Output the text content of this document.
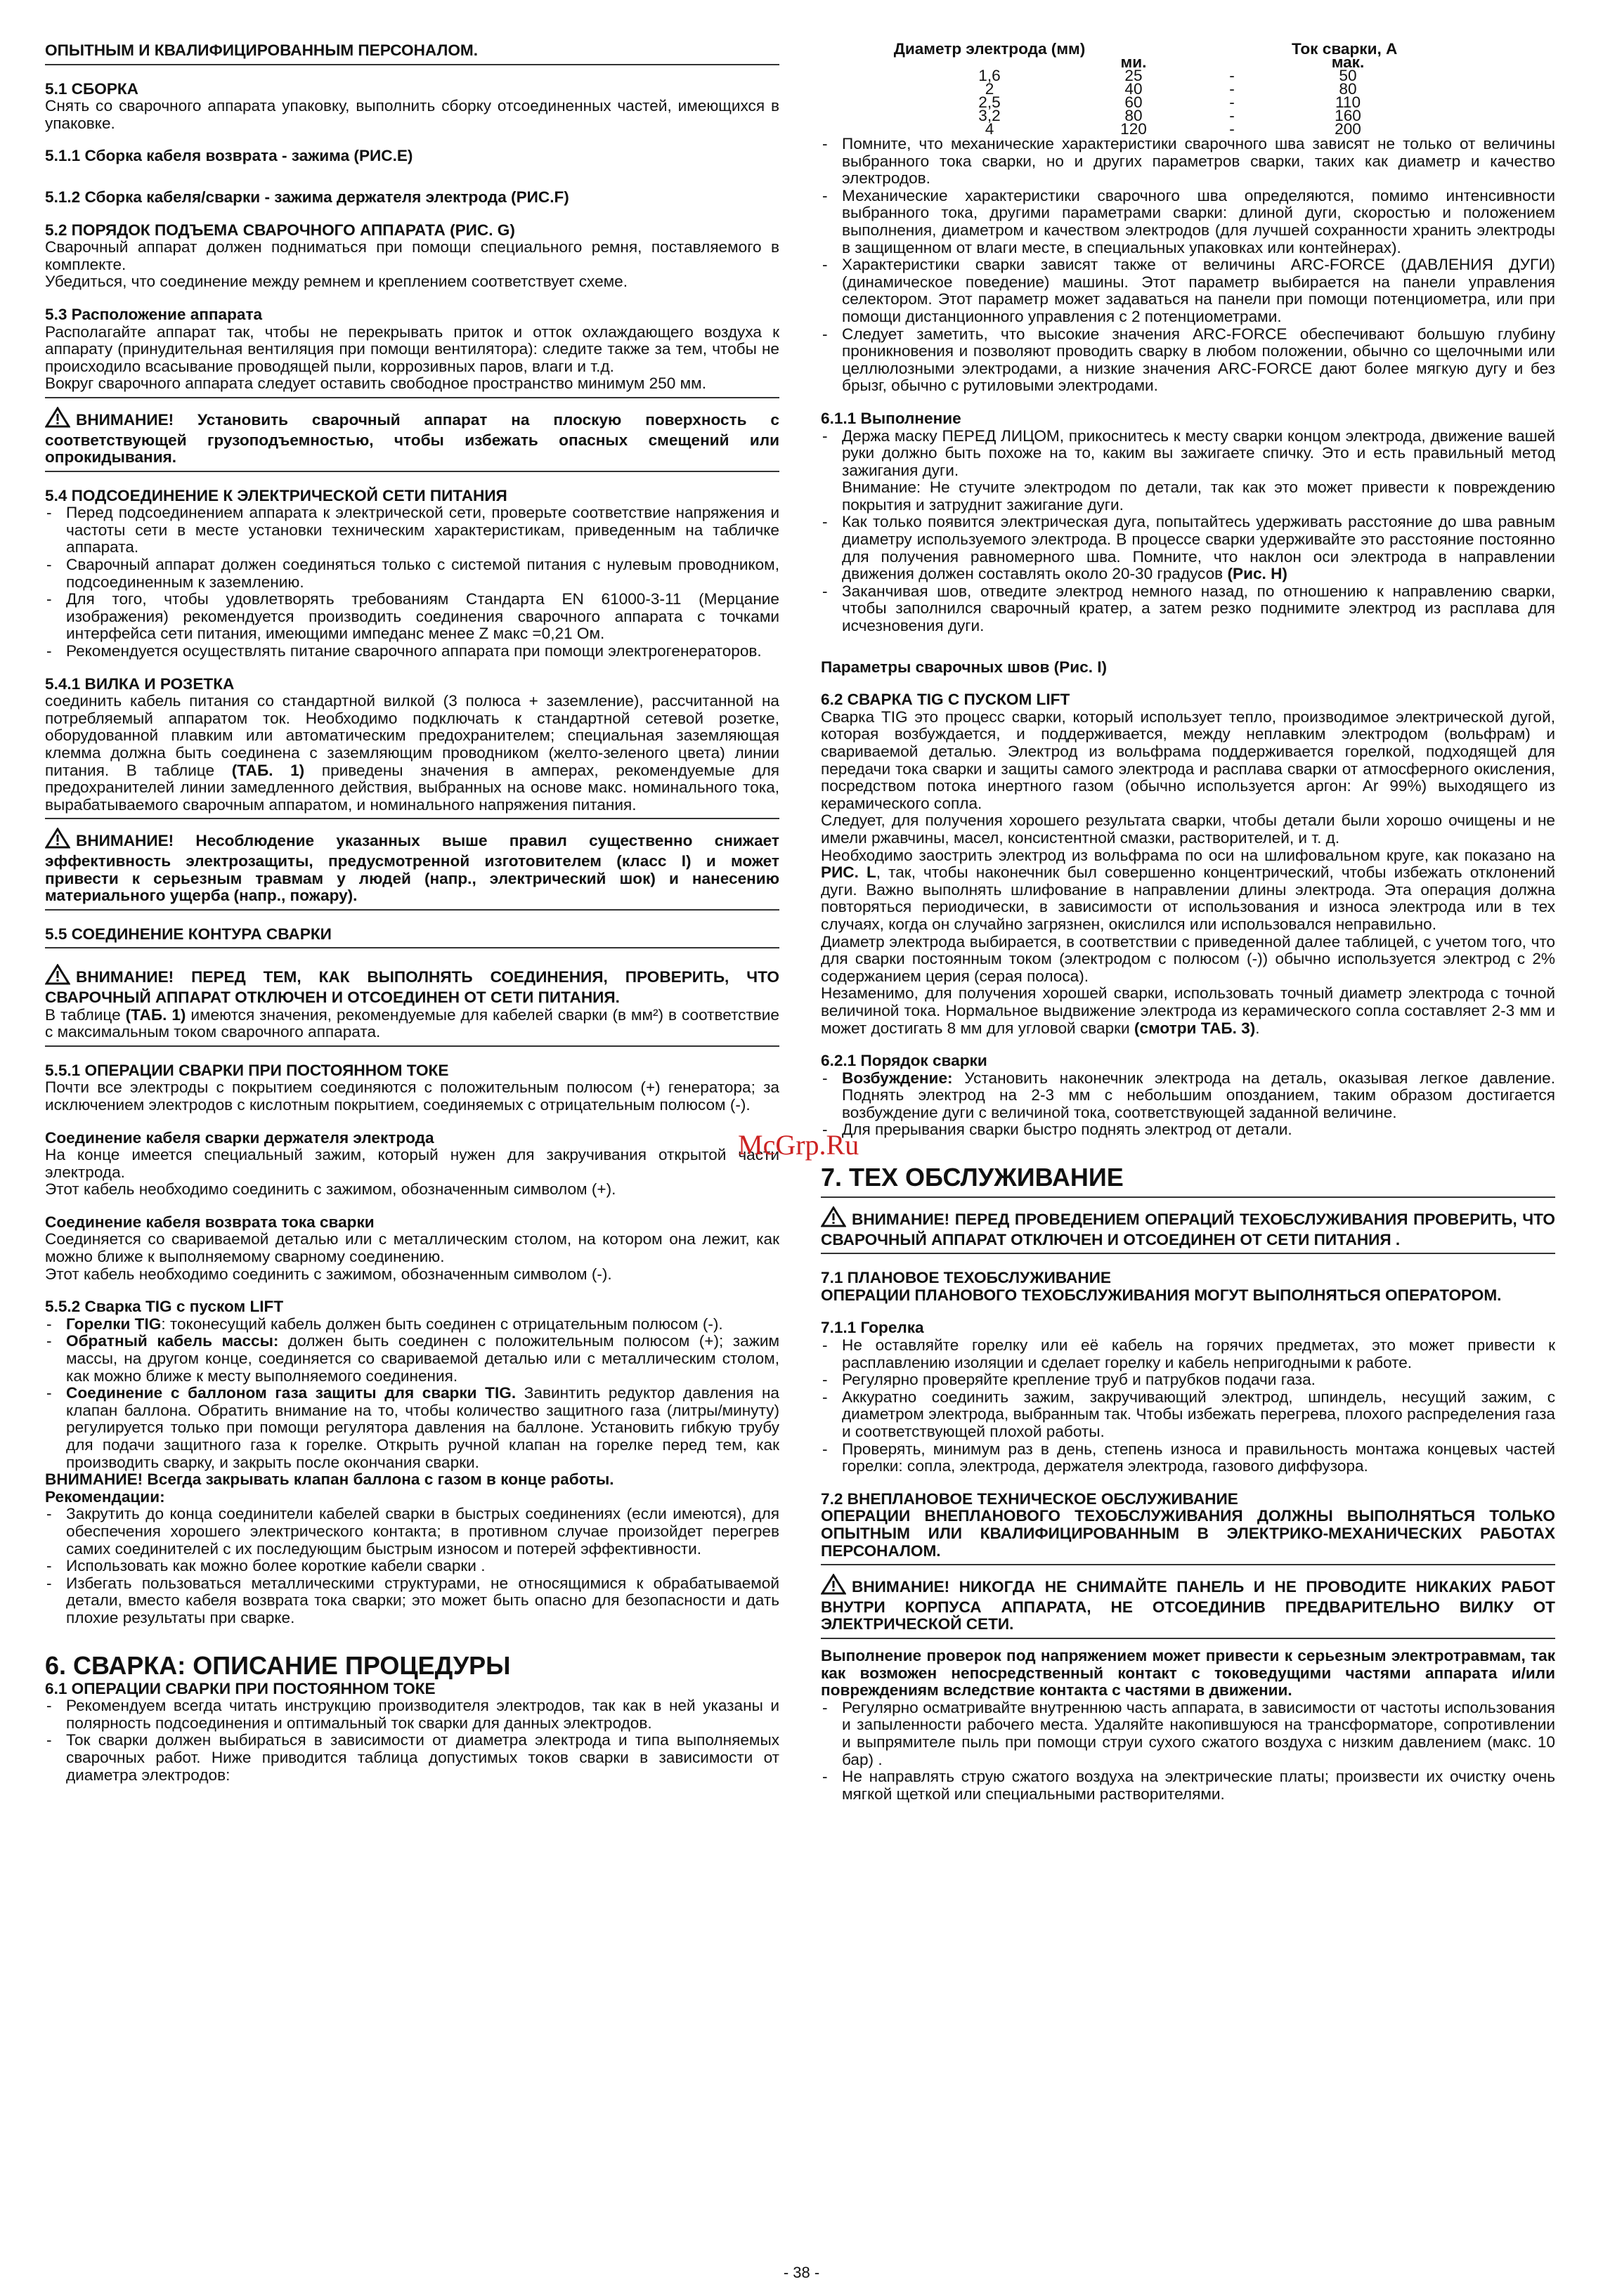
ОПЫТНЫМ И КВАЛИФИЦИРОВАННЫМ ПЕРСОНАЛОМ.

5.1 СБОРКА

Снять со сварочного аппарата упаковку, выполнить сборку отсоединенных частей, имеющихся в упаковке.

5.1.1 Сборка кабеля возврата - зажима (РИС.E)

5.1.2 Сборка кабеля/сварки - зажима держателя электрода (РИС.F)

5.2 ПОРЯДОК ПОДЪЕМА СВАРОЧНОГО АППАРАТА (РИС. G)

Сварочный аппарат должен подниматься при помощи специального ремня, поставляемого в комплекте.

Убедиться, что соединение между ремнем и креплением соответствует схеме.

5.3 Расположение аппарата

Располагайте аппарат так, чтобы не перекрывать приток и отток охлаждающего воздуха к аппарату (принудительная вентиляция при помощи вентилятора): следите также за тем, чтобы не происходило всасывание проводящей пыли, коррозивных паров, влаги и т.д.

Вокруг сварочного аппарата следует оставить свободное пространство минимум 250 мм.

ВНИМАНИЕ! Установить сварочный аппарат на плоскую поверхность с соответствующей грузоподъемностью, чтобы избежать опасных смещений или опрокидывания.

5.4 ПОДСОЕДИНЕНИЕ К ЭЛЕКТРИЧЕСКОЙ СЕТИ ПИТАНИЯ

- Перед подсоединением аппарата к электрической сети, проверьте соответствие напряжения и частоты сети в месте установки техническим характеристикам, приведенным на табличке аппарата.
- Сварочный аппарат должен соединяться только с системой питания с нулевым проводником, подсоединенным к заземлению.
- Для того, чтобы удовлетворять требованиям Стандарта EN 61000-3-11 (Мерцание изображения) рекомендуется производить соединения сварочного аппарата с точками интерфейса сети питания, имеющими импеданс менее Z макс =0,21 Ом.
- Рекомендуется осуществлять питание сварочного аппарата при помощи электрогенераторов.

5.4.1 ВИЛКА И РОЗЕТКА

соединить кабель питания со стандартной вилкой (3 полюса + заземление), рассчитанной на потребляемый аппаратом ток. Необходимо подключать к стандартной сетевой розетке, оборудованной плавким или автоматическим предохранителем; специальная заземляющая клемма должна быть соединена с заземляющим проводником (желто-зеленого цвета) линии питания. В таблице (ТАБ. 1) приведены значения в амперах, рекомендуемые для предохранителей линии замедленного действия, выбранных на основе макс. номинального тока, вырабатываемого сварочным аппаратом, и номинального напряжения питания.

ВНИМАНИЕ! Несоблюдение указанных выше правил существенно снижает эффективность электрозащиты, предусмотренной изготовителем (класс I) и может привести к серьезным травмам у людей (напр., электрический шок) и нанесению материального ущерба (напр., пожару).

5.5 СОЕДИНЕНИЕ КОНТУРА СВАРКИ

ВНИМАНИЕ! ПЕРЕД ТЕМ, КАК ВЫПОЛНЯТЬ СОЕДИНЕНИЯ, ПРОВЕРИТЬ, ЧТО СВАРОЧНЫЙ АППАРАТ ОТКЛЮЧЕН И ОТСОЕДИНЕН ОТ СЕТИ ПИТАНИЯ.

В таблице (ТАБ. 1) имеются значения, рекомендуемые для кабелей сварки (в мм²) в соответствие с максимальным током сварочного аппарата.

5.5.1 ОПЕРАЦИИ СВАРКИ ПРИ ПОСТОЯННОМ ТОКЕ

Почти все электроды с покрытием соединяются с положительным полюсом (+) генератора; за исключением электродов с кислотным покрытием, соединяемых с отрицательным полюсом (-).

Соединение кабеля сварки держателя электрода

На конце имеется специальный зажим, который нужен для закручивания открытой части электрода.

Этот кабель необходимо соединить с зажимом, обозначенным символом (+).

Соединение кабеля возврата тока сварки

Соединяется со свариваемой деталью или с металлическим столом, на котором она лежит, как можно ближе к выполняемому сварному соединению.

Этот кабель необходимо соединить с зажимом, обозначенным символом (-).

5.5.2 Сварка TIG с пуском LIFT

- Горелки TIG: токонесущий кабель должен быть соединен с отрицательным полюсом (-).
- Обратный кабель массы: должен быть соединен с положительным полюсом (+); зажим массы, на другом конце, соединяется со свариваемой деталью или с металлическим столом, как можно ближе к месту выполняемого соединения.
- Соединение с баллоном газа защиты для сварки TIG. Завинтить редуктор давления на клапан баллона. Обратить внимание на то, чтобы количество защитного газа (литры/минуту) регулируется только при помощи регулятора давления на баллоне. Установить гибкую трубу для подачи защитного газа к горелке. Открыть ручной клапан на горелке перед тем, как производить сварку, и закрыть после окончания сварки.

ВНИМАНИЕ! Всегда закрывать клапан баллона с газом в конце работы.

Рекомендации:

- Закрутить до конца соединители кабелей сварки в быстрых соединениях (если имеются), для обеспечения хорошего электрического контакта; в противном случае произойдет перегрев самих соединителей с их последующим быстрым износом и потерей эффективности.
- Использовать как можно более короткие кабели сварки .
- Избегать пользоваться металлическими структурами, не относящимися к обрабатываемой детали, вместо кабеля возврата тока сварки; это может быть опасно для безопасности и дать плохие результаты при сварке.

6. СВАРКА: ОПИСАНИЕ ПРОЦЕДУРЫ

6.1 ОПЕРАЦИИ СВАРКИ ПРИ ПОСТОЯННОМ ТОКЕ

- Рекомендуем всегда читать инструкцию производителя электродов, так как в ней указаны и полярность подсоединения и оптимальный ток сварки для данных электродов.
- Ток сварки должен выбираться в зависимости от диаметра электрода и типа выполняемых сварочных работ. Ниже приводится таблица допустимых токов сварки в зависимости от диаметра электродов:
Диаметр электрода (мм)			Ток сварки, A
	ми.		мак.
1,6	25	-	50
2	40	-	80
2,5	60	-	110
3,2	80	-	160
4	120	-	200
- Помните, что механические характеристики сварочного шва зависят не только от величины выбранного тока сварки, но и других параметров сварки, таких как диаметр и качество электродов.
- Механические характеристики сварочного шва определяются, помимо интенсивности выбранного тока, другими параметрами сварки: длиной дуги, скоростью и положением выполнения, диаметром и качеством электродов (для лучшей сохранности хранить электроды в защищенном от влаги месте, в специальных упаковках или контейнерах).
- Характеристики сварки зависят также от величины ARC-FORCE (ДАВЛЕНИЯ ДУГИ) (динамическое поведение) машины. Этот параметр выбирается на панели управления селектором. Этот параметр может задаваться на панели при помощи потенциометра, или при помощи дистанционного управления с 2 потенциометрами.
- Следует заметить, что высокие значения ARC-FORCE обеспечивают большую глубину проникновения и позволяют проводить сварку в любом положении, обычно со щелочными или целлюлозными электродами, а низкие значения ARC-FORCE дают более мягкую дугу и без брызг, обычно с рутиловыми электродами.

6.1.1 Выполнение

- Держа маску ПЕРЕД ЛИЦОМ, прикоснитесь к месту сварки концом электрода, движение вашей руки должно быть похоже на то, каким вы зажигаете спичку. Это и есть правильный метод зажигания дуги.
Внимание: Не стучите электродом по детали, так как это может привести к повреждению покрытия и затруднит зажигание дуги.
- Как только появится электрическая дуга, попытайтесь удерживать расстояние до шва равным диаметру используемого электрода. В процессе сварки удерживайте это расстояние постоянно для получения равномерного шва. Помните, что наклон оси электрода в направлении движения должен составлять около 20-30 градусов (Рис. H)
- Заканчивая шов, отведите электрод немного назад, по отношению к направлению сварки, чтобы заполнился сварочный кратер, а затем резко поднимите электрод из расплава для исчезновения дуги.

Параметры сварочных швов (Рис. I)

6.2 СВАРКА TIG С ПУСКОМ LIFT

Сварка TIG это процесс сварки, который использует тепло, производимое электрической дугой, которая возбуждается, и поддерживается, между неплавким электродом (вольфрам) и свариваемой деталью. Электрод из вольфрама поддерживается горелкой, подходящей для передачи тока сварки и защиты самого электрода и расплава сварки от атмосферного окисления, посредством потока инертного газом (обычно используется аргон: Ar 99%) выходящего из керамического сопла.

Следует, для получения хорошего результата сварки, чтобы детали были хорошо очищены и не имели ржавчины, масел, консистентной смазки, растворителей, и т. д.

Необходимо заострить электрод из вольфрама по оси на шлифовальном круге, как показано на РИС. L, так, чтобы наконечник был совершенно концентрический, чтобы избежать отклонений дуги. Важно выполнять шлифование в направлении длины электрода. Эта операция должна повторяться периодически, в зависимости от использования и износа электрода или в тех случаях, когда он случайно загрязнен, окислился или использовался неправильно.

Диаметр электрода выбирается, в соответствии с приведенной далее таблицей, с учетом того, что для сварки постоянным током (электродом с полюсом (-)) обычно используется электрод с 2% содержанием церия (серая полоса).

Незаменимо, для получения хорошей сварки, использовать точный диаметр электрода с точной величиной тока. Нормальное выдвижение электрода из керамического сопла составляет 2-3 мм и может достигать 8 мм для угловой сварки (смотри ТАБ. 3).

6.2.1 Порядок сварки

- Возбуждение: Установить наконечник электрода на деталь, оказывая легкое давление. Поднять электрод на 2-3 мм с небольшим опозданием, таким образом достигается возбуждение дуги с величиной тока, соответствующей заданной величине.
- Для прерывания сварки быстро поднять электрод от детали.

7. ТЕХ ОБСЛУЖИВАНИЕ

ВНИМАНИЕ! ПЕРЕД ПРОВЕДЕНИЕМ ОПЕРАЦИЙ ТЕХОБСЛУЖИВАНИЯ ПРОВЕРИТЬ, ЧТО СВАРОЧНЫЙ АППАРАТ ОТКЛЮЧЕН И ОТСОЕДИНЕН ОТ СЕТИ ПИТАНИЯ .

7.1 ПЛАНОВОЕ ТЕХОБСЛУЖИВАНИЕ

ОПЕРАЦИИ ПЛАНОВОГО ТЕХОБСЛУЖИВАНИЯ МОГУТ ВЫПОЛНЯТЬСЯ ОПЕРАТОРОМ.

7.1.1 Горелка

- Не оставляйте горелку или её кабель на горячих предметах, это может привести к расплавлению изоляции и сделает горелку и кабель непригодными к работе.
- Регулярно проверяйте крепление труб и патрубков подачи газа.
- Аккуратно соединить зажим, закручивающий электрод, шпиндель, несущий зажим, с диаметром электрода, выбранным так. Чтобы избежать перегрева, плохого распределения газа и соответствующей плохой работы.
- Проверять, минимум раз в день, степень износа и правильность монтажа концевых частей горелки: сопла, электрода, держателя электрода, газового диффузора.

7.2 ВНЕПЛАНОВОЕ ТЕХНИЧЕСКОЕ ОБСЛУЖИВАНИЕ

ОПЕРАЦИИ ВНЕПЛАНОВОГО ТЕХОБСЛУЖИВАНИЯ ДОЛЖНЫ ВЫПОЛНЯТЬСЯ ТОЛЬКО ОПЫТНЫМ ИЛИ КВАЛИФИЦИРОВАННЫМ В ЭЛЕКТРИКО-МЕХАНИЧЕСКИХ РАБОТАХ ПЕРСОНАЛОМ.

ВНИМАНИЕ! НИКОГДА НЕ СНИМАЙТЕ ПАНЕЛЬ И НЕ ПРОВОДИТЕ НИКАКИХ РАБОТ ВНУТРИ КОРПУСА АППАРАТА, НЕ ОТСОЕДИНИВ ПРЕДВАРИТЕЛЬНО ВИЛКУ ОТ ЭЛЕКТРИЧЕСКОЙ СЕТИ.

Выполнение проверок под напряжением может привести к серьезным электротравмам, так как возможен непосредственный контакт с токоведущими частями аппарата и/или повреждениям вследствие контакта с частями в движении.

- Регулярно осматривайте внутреннюю часть аппарата, в зависимости от частоты использования и запыленности рабочего места. Удаляйте накопившуюся на трансформаторе, сопротивлении и выпрямителе пыль при помощи струи сухого сжатого воздуха с низким давлением (макс. 10 бар) .
- Не направлять струю сжатого воздуха на электрические платы; произвести их очистку очень мягкой щеткой или специальными растворителями.
McGrp.Ru
- 38 -
